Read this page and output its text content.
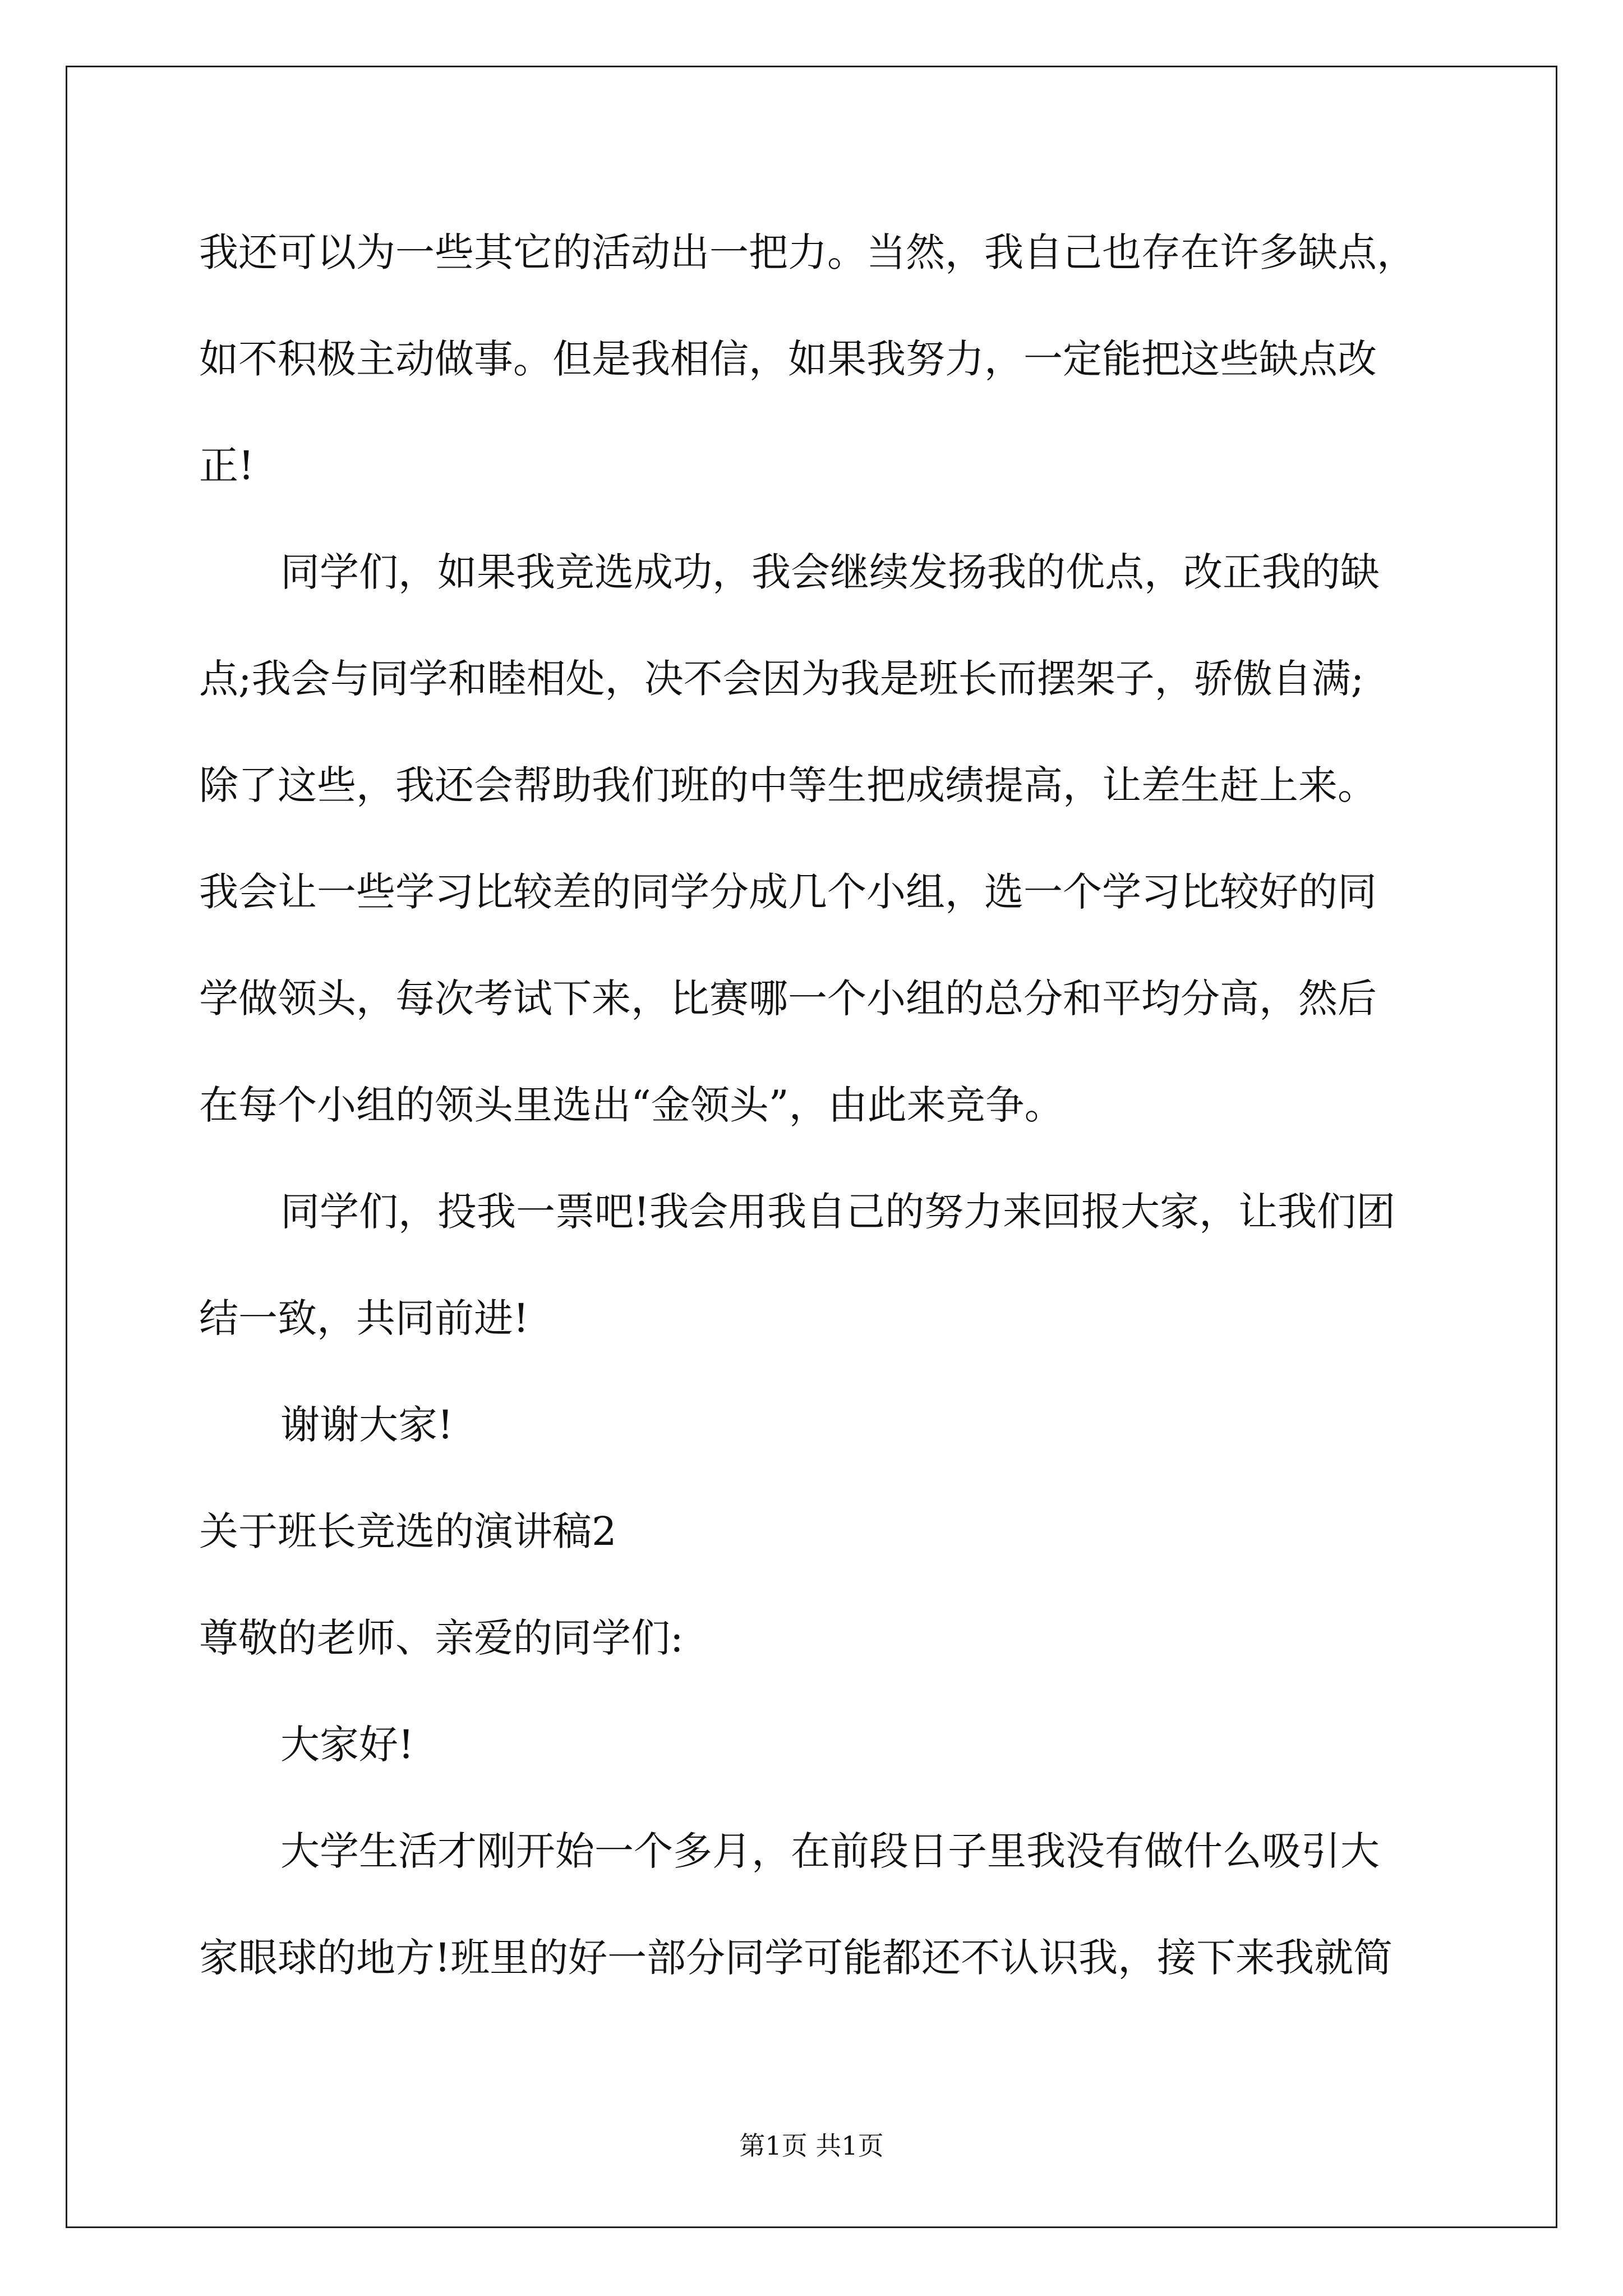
我还可以为一些其它的活动出一把力。当然，我自己也存在许多缺点，
如不积极主动做事。但是我相信，如果我努力，一定能把这些缺点改
正!
同学们，如果我竞选成功，我会继续发扬我的优点，改正我的缺
点;我会与同学和睦相处，决不会因为我是班长而摆架子，骄傲自满;
除了这些，我还会帮助我们班的中等生把成绩提高，让差生赶上来。
我会让一些学习比较差的同学分成几个小组，选一个学习比较好的同
学做领头，每次考试下来，比赛哪一个小组的总分和平均分高，然后
在每个小组的领头里选出“金领头”，由此来竞争。
同学们，投我一票吧!我会用我自己的努力来回报大家，让我们团
结一致，共同前进!
谢谢大家!
关于班长竞选的演讲稿2
尊敬的老师、亲爱的同学们:
大家好!
大学生活才刚开始一个多月，在前段日子里我没有做什么吸引大
家眼球的地方!班里的好一部分同学可能都还不认识我，接下来我就简
第1页 共1页
